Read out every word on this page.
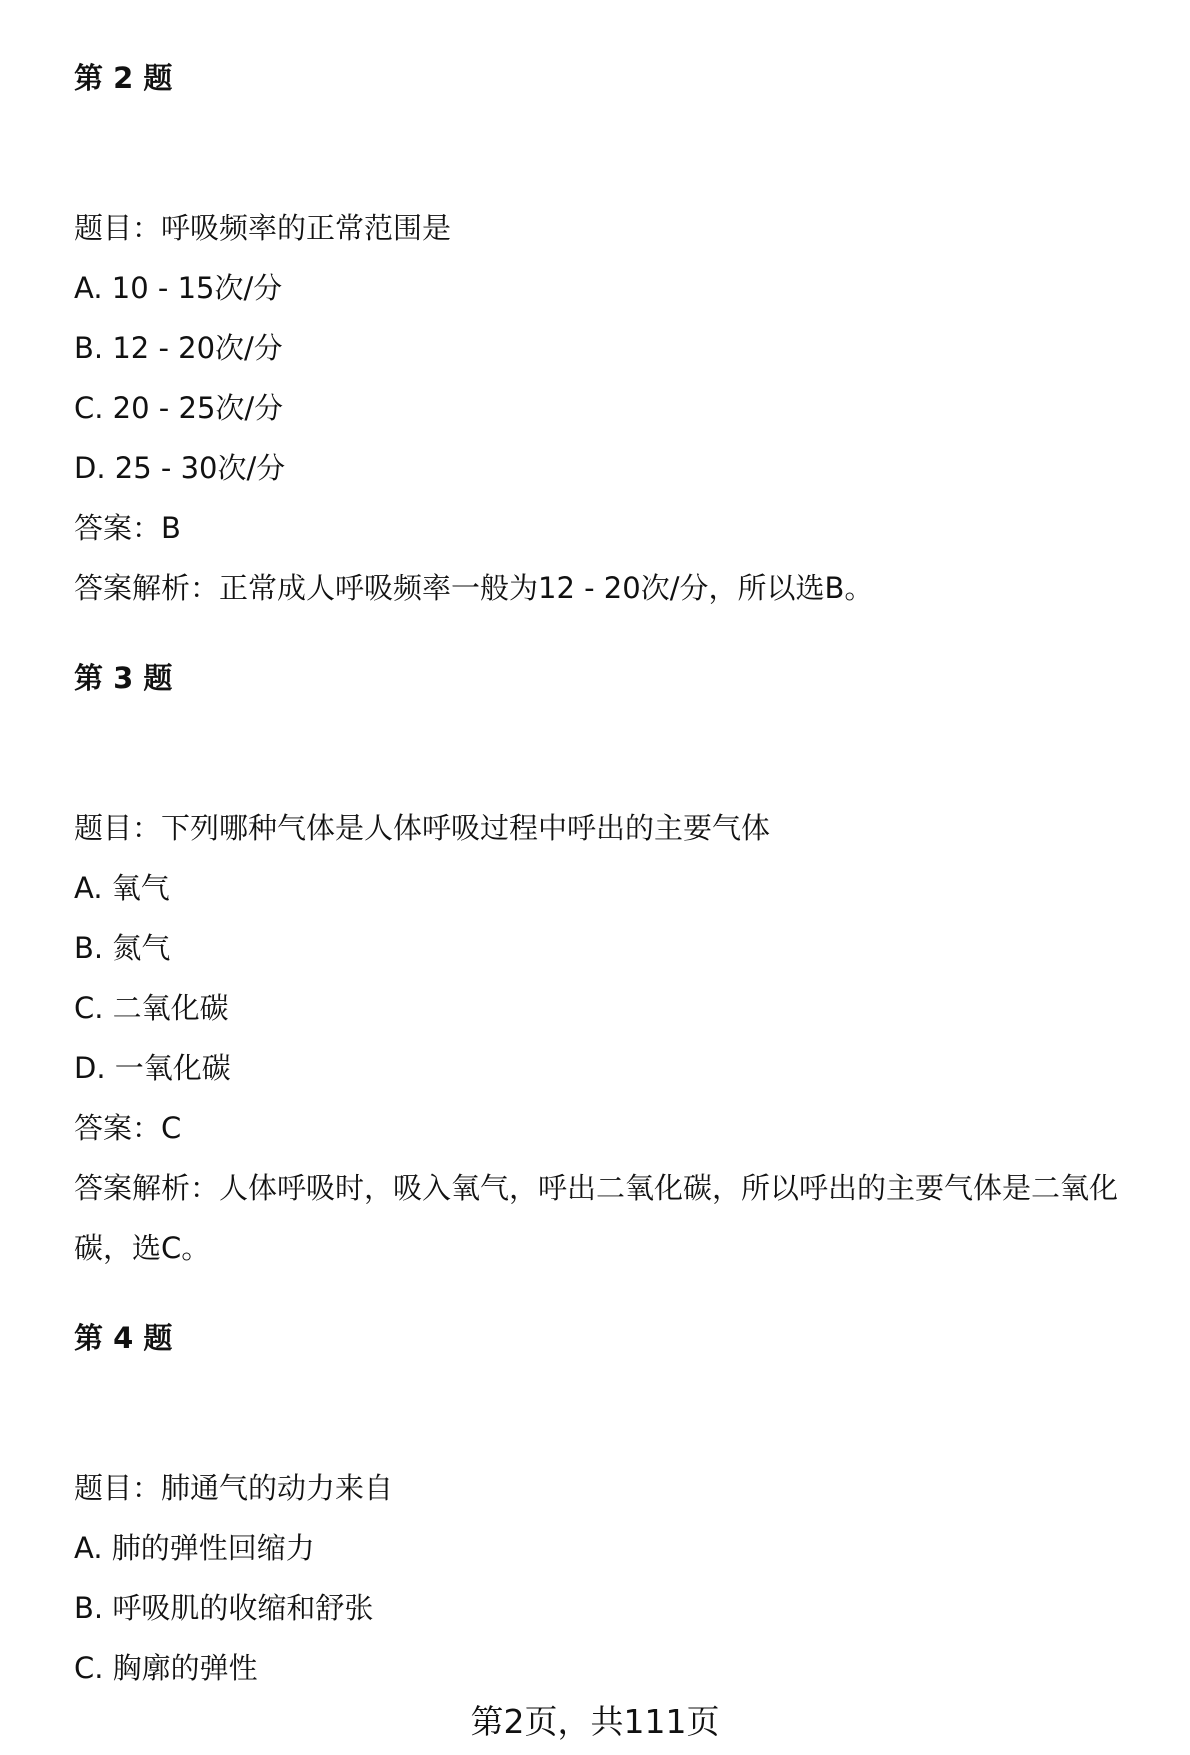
第 2 题
题目：呼吸频率的正常范围是
A. 10 - 15次/分
B. 12 - 20次/分
C. 20 - 25次/分
D. 25 - 30次/分
答案：B
答案解析：正常成人呼吸频率一般为12 - 20次/分，所以选B。
第 3 题
题目：下列哪种气体是人体呼吸过程中呼出的主要气体
A. 氧气
B. 氮气
C. 二氧化碳
D. 一氧化碳
答案：C
答案解析：人体呼吸时，吸入氧气，呼出二氧化碳，所以呼出的主要气体是二氧化碳，选C。
第 4 题
题目：肺通气的动力来自
A. 肺的弹性回缩力
B. 呼吸肌的收缩和舒张
C. 胸廓的弹性
第2页，共111页
